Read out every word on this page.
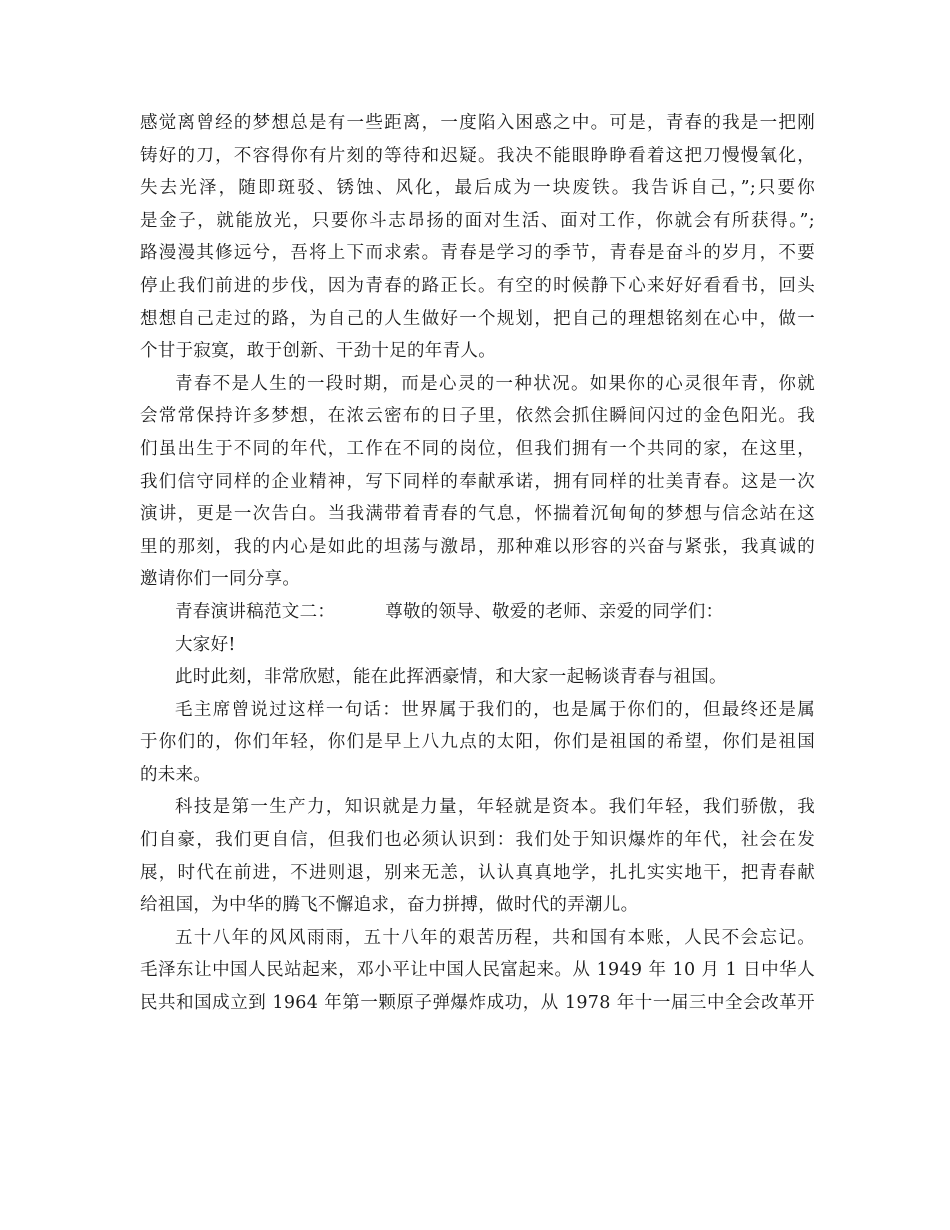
感觉离曾经的梦想总是有一些距离，一度陷入困惑之中。可是，青春的我是一把刚
铸好的刀，不容得你有片刻的等待和迟疑。我决不能眼睁睁看着这把刀慢慢氧化，
失去光泽，随即斑驳、锈蚀、风化，最后成为一块废铁。我告诉自己，”;只要你
是金子，就能放光，只要你斗志昂扬的面对生活、面对工作，你就会有所获得。”;
路漫漫其修远兮，吾将上下而求索。青春是学习的季节，青春是奋斗的岁月，不要
停止我们前进的步伐，因为青春的路正长。有空的时候静下心来好好看看书，回头
想想自己走过的路，为自己的人生做好一个规划，把自己的理想铭刻在心中，做一
个甘于寂寞，敢于创新、干劲十足的年青人。
青春不是人生的一段时期，而是心灵的一种状况。如果你的心灵很年青，你就
会常常保持许多梦想，在浓云密布的日子里，依然会抓住瞬间闪过的金色阳光。我
们虽出生于不同的年代，工作在不同的岗位，但我们拥有一个共同的家，在这里，
我们信守同样的企业精神，写下同样的奉献承诺，拥有同样的壮美青春。这是一次
演讲，更是一次告白。当我满带着青春的气息，怀揣着沉甸甸的梦想与信念站在这
里的那刻，我的内心是如此的坦荡与激昂，那种难以形容的兴奋与紧张，我真诚的
邀请你们一同分享。
青春演讲稿范文二：	尊敬的领导、敬爱的老师、亲爱的同学们：
大家好!
此时此刻，非常欣慰，能在此挥洒豪情，和大家一起畅谈青春与祖国。
毛主席曾说过这样一句话：世界属于我们的，也是属于你们的，但最终还是属
于你们的，你们年轻，你们是早上八九点的太阳，你们是祖国的希望，你们是祖国
的未来。
科技是第一生产力，知识就是力量，年轻就是资本。我们年轻，我们骄傲，我
们自豪，我们更自信，但我们也必须认识到：我们处于知识爆炸的年代，社会在发
展，时代在前进，不进则退，别来无恙，认认真真地学，扎扎实实地干，把青春献
给祖国，为中华的腾飞不懈追求，奋力拼搏，做时代的弄潮儿。
五十八年的风风雨雨，五十八年的艰苦历程，共和国有本账，人民不会忘记。
毛泽东让中国人民站起来，邓小平让中国人民富起来。从 1949 年 10 月 1 日中华人
民共和国成立到 1964 年第一颗原子弹爆炸成功，从 1978 年十一届三中全会改革开
